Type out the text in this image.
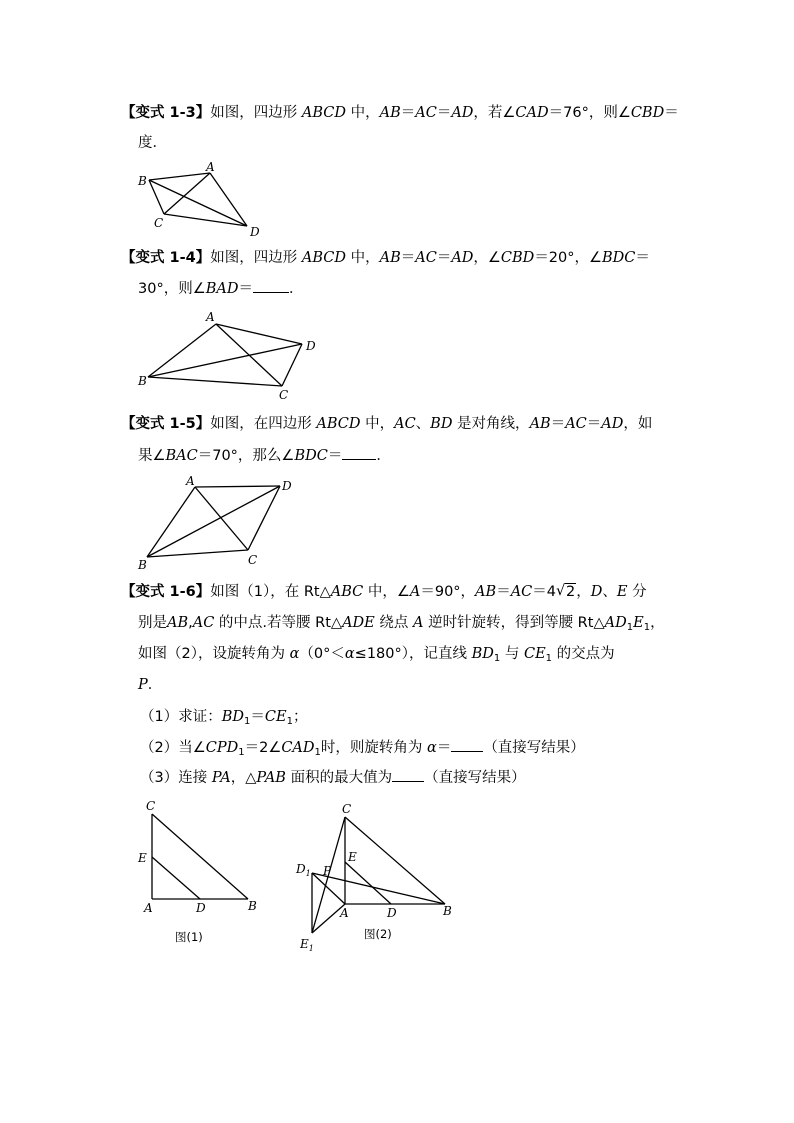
【变式 1-3】如图，四边形 ABCD 中，AB＝AC＝AD，若∠CAD＝76°，则∠CBD＝
度．
A
B
C
D
【变式 1-4】如图，四边形 ABCD 中，AB＝AC＝AD，∠CBD＝20°，∠BDC＝
30°，则∠BAD＝ ．
A
B
C
D
【变式 1-5】如图，在四边形 ABCD 中，AC、BD 是对角线，AB＝AC＝AD，如
果∠BAC＝70°，那么∠BDC＝ ．
A
B	C
D
【变式 1-6】如图（1），在 Rt△ABC 中，∠A＝90°，AB＝AC＝4√ 2，D、E 分
别是AB,AC 的中点.若等腰 Rt△ADE 绕点 A 逆时针旋转，得到等腰 $Rt\triangle AD_1E_1$，
如图（2），设旋转角为 α（0°＜α≤180°），记直线 $BD_1$ 与 $CE_1$ 的交点为
P．
（1）求证：$BD_1=CE_1$；
（2）当$\angle CPD_1=2\angle CAD_1$时，则旋转角为 α＝ （直接写结果）
（3）连接 PA，△PAB 面积的最大值为 （直接写结果）
C
E
A	D	B
图(1)
C
E
P
$D_1$
A	D	B
$E_1$
图(2)
